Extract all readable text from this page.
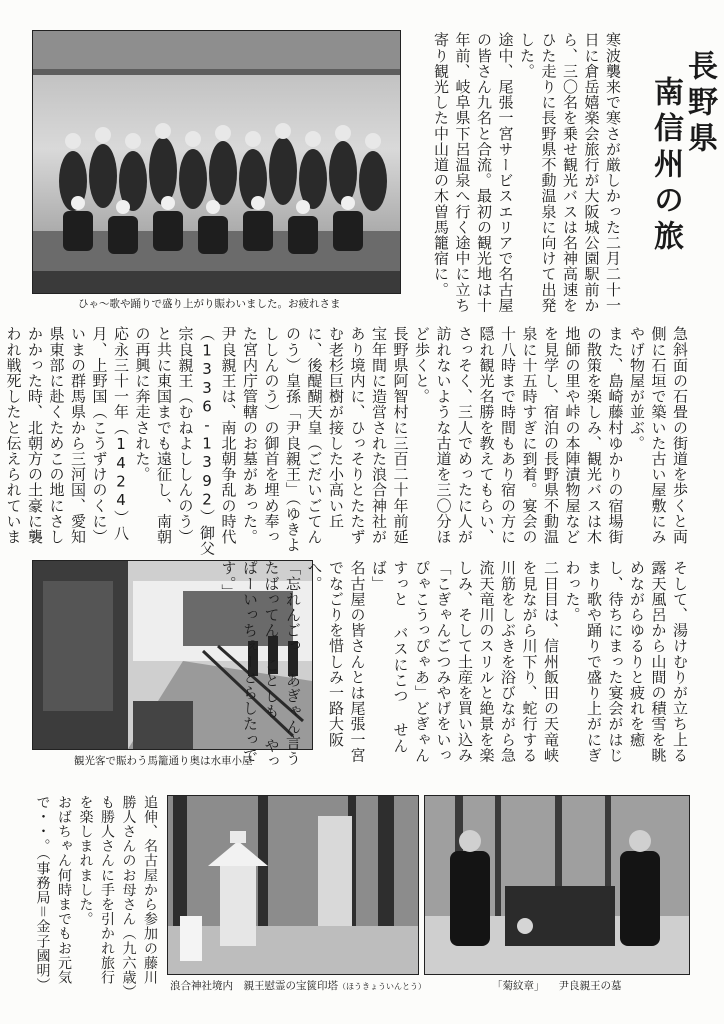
ひゃ～歌や踊りで盛り上がり賑わいました。お疲れさま	寒波襲来で寒さが厳しかった二月二十一日に倉岳嬉楽会旅行が大阪城公園駅前から、三〇名を乗せ観光バスは名神高速をひた走りに長野県不動温泉に向けて出発した。
途中、尾張一宮サービスエリアで名古屋の皆さん九名と合流。最初の観光地は十年前、岐阜県下呂温泉へ行く途中に立ち寄り観光した中山道の木曽馬籠宿に。	長野県
南信州の旅
急斜面の石畳の街道を歩くと両側に石垣で築いた古い屋敷にみやげ物屋が並ぶ。
また、島崎藤村ゆかりの宿場街の散策を楽しみ、観光バスは木地師の里や峠の本陣漬物屋などを見学し、宿泊の長野県不動温泉に十五時すぎに到着。宴会の十八時まで時間もあり宿の方に隠れ観光名勝を教えてもらい、さっそく、三人でめったに人が訪れないような古道を三〇分ほど歩くと。
長野県阿智村に三百二十年前延宝年間に造営された浪合神社があり境内に、ひっそりとたたずむ老杉巨樹が接した小高い丘に、後醍醐天皇（ごだいごてんのう）皇孫「尹良親王」（ゆきよししんのう）の御首を埋め奉った宮内庁管轄のお墓があった。
尹良親王は、南北朝争乱の時代（1336-1392）御父宗良親王（むねよししんのう）と共に東国までも遠征し、南朝の再興に奔走された。
応永三十一年（1424）八月、上野国（こうずけのくに）いまの群馬県から三河国、愛知県東部に赴くためこの地にさしかかった時、北朝方の土豪に襲われ戦死したと伝えられていま

観光客で賑わう馬籠通り奥は水車小屋	そして、湯けむりが立ち上る露天風呂から山間の積雪を眺めながらゆるりと疲れを癒し、待ちにまった宴会がはじまり歌や踊りで盛り上がにぎわった。
二日目は、信州飯田の天竜峡を見ながら川下り、蛇行する川筋をしぶきを浴びながら急流天竜川のスリルと絶景を楽しみ、そして土産を買い込み「こぎゃんごつみやげをいっぴゃこうっぴゃあ」どぎゃんすっと バスにこつ せんば」
名古屋の皆さんとは尾張一宮でなごりを惜しみ一路大阪へ。
「忘れんごっ あぎゃん言うたばってん ことしも やっぱーいっちぇーとらしたっです。」
追伸、名古屋から参加の藤川勝人さんのお母さん（九六歳）も勝人さんに手を引かれ旅行を楽しまれました。
おばちゃん何時までもお元気で・・。（事務局＝金子國明）	浪合神社境内　親王慰霊の宝篋印塔（ほうきょういんとう）	「菊紋章」 尹良親王の墓
